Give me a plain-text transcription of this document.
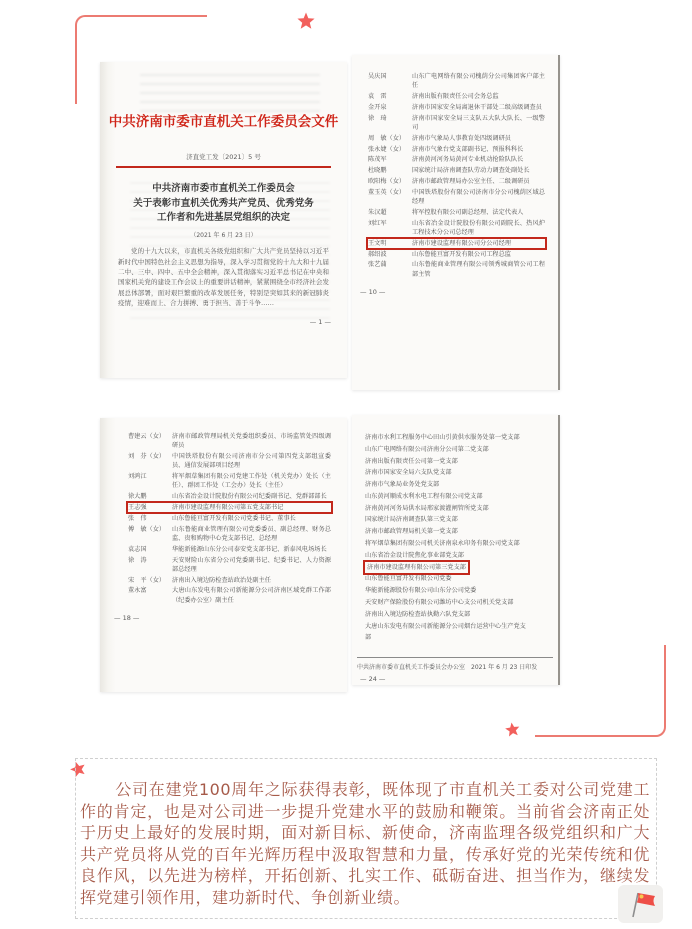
中共济南市委市直机关工作委员会文件
济直党工发〔2021〕5 号
中共济南市委市直机关工作委员会
关于表彰市直机关优秀共产党员、优秀党务
工作者和先进基层党组织的决定
（2021 年 6 月 23 日）
党的十九大以来，市直机关各级党组织和广大共产党员坚持以习近平新时代中国特色社会主义思想为指导，深入学习贯彻党的十九大和十九届二中、三中、四中、五中全会精神，深入贯彻落实习近平总书记在中央和国家机关党的建设工作会议上的重要讲话精神，紧紧围绕全市经济社会发展总体部署，面对艰巨繁重的改革发展任务，特别是突如其来的新冠肺炎疫情，迎难而上、合力拼搏、勇于担当、善于斗争……
— 1 —
吴庆国	山东广电网络有限公司槐荫分公司集团客户部主任
袁　雷	济南出版有限责任公司会务总监
金开泉	济南市国家安全局离退休干部处二级高级调查员
徐　琦	济南市国家安全局三支队五大队大队长、一级警司
周　敏（女）	济南市气象局人事教育处四级调研员
张永婕（女）	济南市气象台党支部副书记、预报科科长
陈茂军	济南黄河河务局黄河专业机动抢险队队长
杜晓鹏	国家统计局济南调查队劳动力调查处副处长
欧阳梅（女）	济南市邮政管理局办公室主任、二级调研员
董玉英（女）	中国铁塔股份有限公司济南市分公司槐荫区域总经理
朱汉超	将军控股有限公司副总经理、法定代表人
刘红军	山东省冶金设计院股份有限公司副院长、热风炉工程技术分公司总经理
王文明	济南市建设监理有限公司分公司经理
郝绍波	山东鲁能亘富开发有限公司工程总监
张艺蒲	山东鲁能商业管理有限公司领秀城商管公司工程部主管
— 10 —
曹建云（女）	济南市邮政管理局机关党委组织委员、市场监管处四级调研员
刘　芬（女）	中国铁塔股份有限公司济南市分公司第四党支部组宣委员、通信发展部项目经理
刘鸿江	将军烟草集团有限公司党建工作处（机关党办）处长（主任）、群团工作处（工会办）处长（主任）
徐大鹏	山东省冶金设计院股份有限公司纪委副书记、党群部部长
王志强	济南市建设监理有限公司第五党支部书记
张　伟	山东鲁能亘富开发有限公司党委书记、董事长
傅　敏（女）	山东鲁能商业管理有限公司党委委员、副总经理、财务总监、贵和购物中心党支部书记、总经理
袁志国	华能新能源山东分公司泰安党支部书记、新泰风电场场长
徐　涛	天安财险山东省分公司党委副书记、纪委书记、人力资源部总经理
宋　平（女）	济南出入境边防检查站政治处副主任
董永富	大唐山东发电有限公司新能源分公司济南区域党群工作部（纪委办公室）副主任
— 18 —
济南市水利工程服务中心田山引黄供水服务处第一党支部
山东广电网络有限公司济南分公司第二党支部
济南出版有限责任公司第一党支部
济南市国家安全局六支队党支部
济南市气象局业务处党支部
山东黄河顺成水利水电工程有限公司党支部
济南黄河河务局供水局邢家渡灌闸管所党支部
国家统计局济南调查队第三党支部
济南市邮政管理局机关第一党支部
将军烟草集团有限公司机关济南泉永印务有限公司党支部
山东省冶金设计院焦化事业部党支部
济南市建设监理有限公司第三党支部
山东鲁能亘富开发有限公司党委
华能新能源股份有限公司山东分公司党委
天安财产保险股份有限公司潍坊中心支公司机关党支部
济南出入境边防检查站执勤六队党支部
大唐山东发电有限公司新能源分公司烟台运营中心生产党支部
中共济南市委市直机关工作委员会办公室　2021 年 6 月 23 日印发
— 24 —

公司在建党100周年之际获得表彰，既体现了市直机关工委对公司党建工作的肯定，也是对公司进一步提升党建水平的鼓励和鞭策。当前省会济南正处于历史上最好的发展时期，面对新目标、新使命，济南监理各级党组织和广大共产党员将从党的百年光辉历程中汲取智慧和力量，传承好党的光荣传统和优良作风，以先进为榜样，开拓创新、扎实工作、砥砺奋进、担当作为，继续发挥党建引领作用，建功新时代、争创新业绩。
